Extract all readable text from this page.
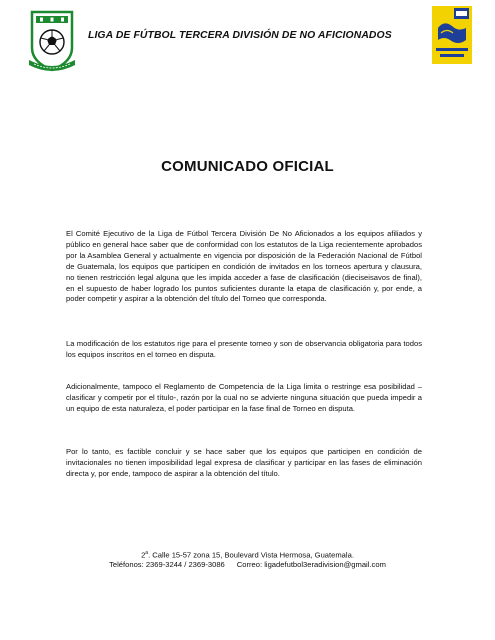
LIGA DE FÚTBOL TERCERA DIVISIÓN DE NO AFICIONADOS
COMUNICADO OFICIAL

El Comité Ejecutivo de la Liga de Fútbol Tercera División De No Aficionados a los equipos afiliados y público en general hace saber que de conformidad con los estatutos de la Liga recientemente aprobados por la Asamblea General y actualmente en vigencia por disposición de la Federación Nacional de Fútbol de Guatemala, los equipos que participen en condición de invitados en los torneos apertura y clausura, no tienen restricción legal alguna que les impida acceder a fase de clasificación (dieciseisavos de final), en el supuesto de haber logrado los puntos suficientes durante la etapa de clasificación y, por ende, a poder competir y aspirar a la obtención del título del Torneo que corresponda.

La modificación de los estatutos rige para el presente torneo y son de observancia obligatoria para todos los equipos inscritos en el torneo en disputa.

Adicionalmente, tampoco el Reglamento de Competencia de la Liga limita o restringe esa posibilidad –clasificar y competir por el título-, razón por la cual no se advierte ninguna situación que pueda impedir a un equipo de esta naturaleza, el poder participar en la fase final de Torneo en disputa.

Por lo tanto, es factible concluir y se hace saber que los equipos que participen en condición de invitacionales no tienen imposibilidad legal expresa de clasificar y participar en las fases de eliminación directa y, por ende, tampoco de aspirar a la obtención del título.

2$^a$. Calle 15-57 zona 15, Boulevard Vista Hermosa, Guatemala.
Teléfonos: 2369-3244 / 2369-3086 Correo: ligadefutbol3eradivision@gmail.com
